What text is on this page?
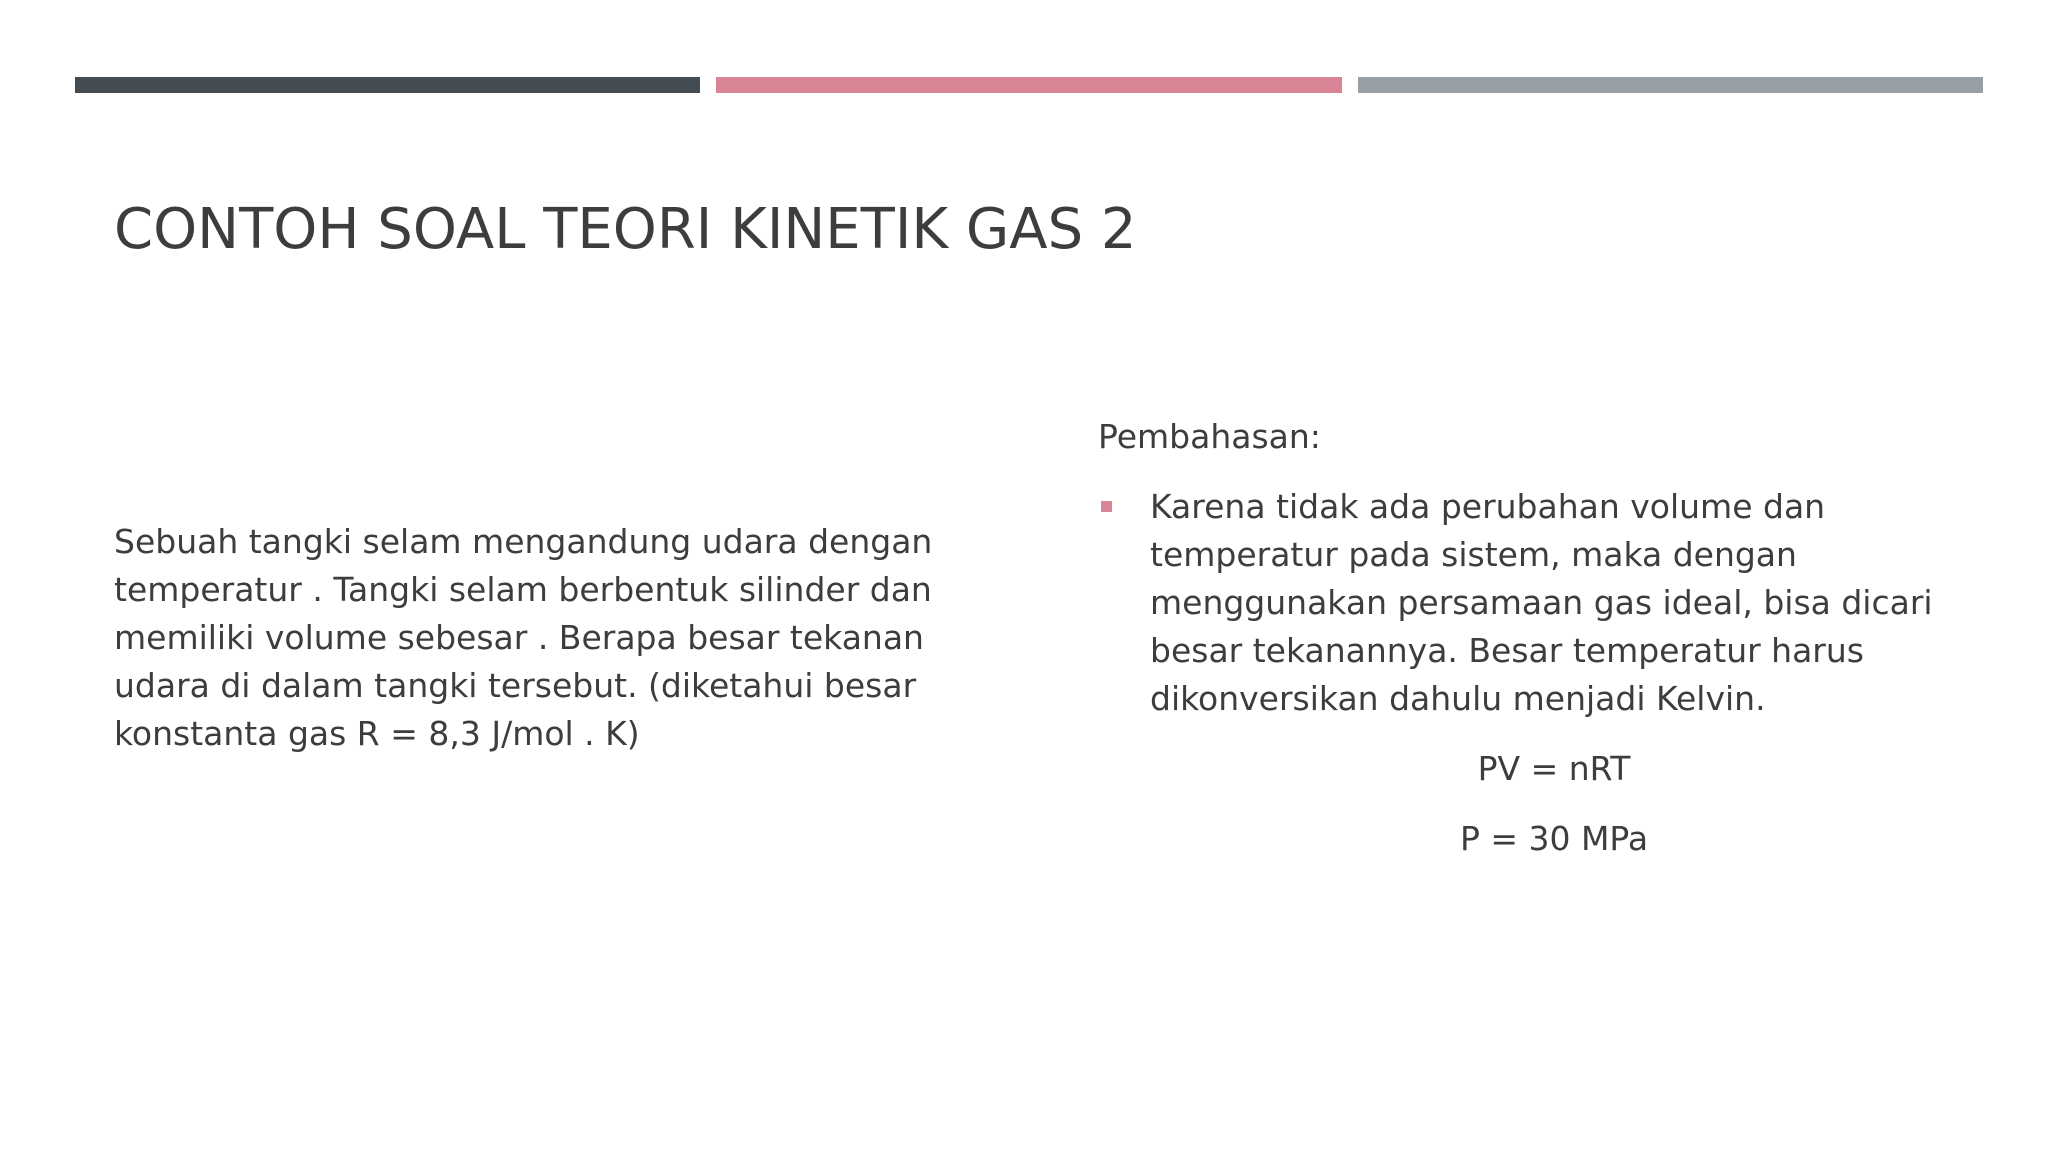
CONTOH SOAL TEORI KINETIK GAS 2

Sebuah tangki selam mengandung udara dengan temperatur . Tangki selam berbentuk silinder dan memiliki volume sebesar . Berapa besar tekanan udara di dalam tangki tersebut. (diketahui besar konstanta gas R = 8,3 J/mol . K)

Pembahasan:

Karena tidak ada perubahan volume dan temperatur pada sistem, maka dengan menggunakan persamaan gas ideal, bisa dicari besar tekanannya. Besar temperatur harus dikonversikan dahulu menjadi Kelvin.

PV = nRT

P = 30 MPa
